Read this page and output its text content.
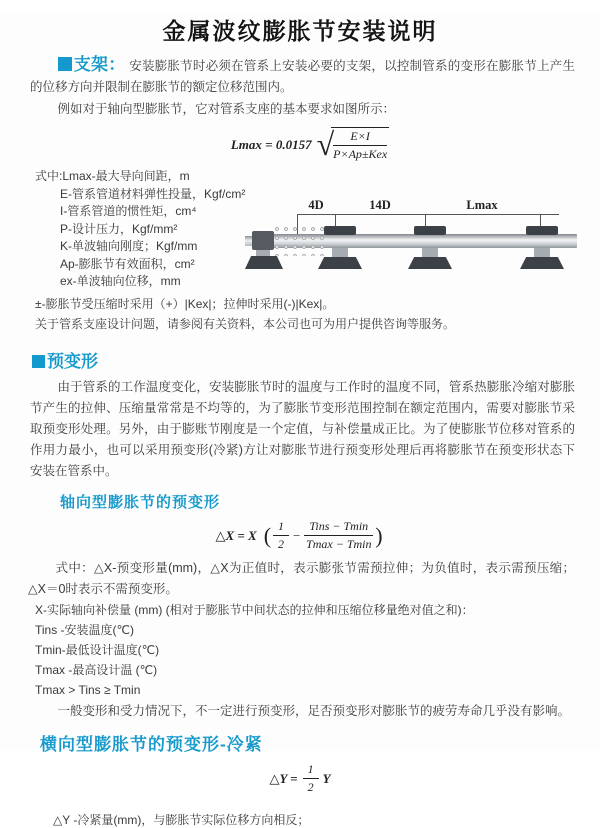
金属波纹膨胀节安装说明
支架： 安装膨胀节时必须在管系上安装必要的支架，以控制管系的变形在膨胀节上产生的位移方向并限制在膨胀节的额定位移范围内。
例如对于轴向型膨胀节，它对管系支座的基本要求如图所示：
Lmax = 0.0157 √ $\frac{E\times I}{\text{P×Ap±Kex}}$
式中:Lmax-最大导向间距，m
E-管系管道材料弹性投量，Kgf/cm²
I-管系管道的惯性矩，cm⁴
P-设计压力，Kgf/mm²
K-单波轴向刚度；Kgf/mm
Ap-膨胀节有效面积，cm²
ex-单波轴向位移，mm
4D	14D	Lmax
±-膨胀节受压缩时采用（+）|Kex|；拉伸时采用(-)|Kex|。
关于管系支座设计问题，请参阅有关资料，本公司也可为用户提供咨询等服务。
预变形
由于管系的工作温度变化，安装膨胀节时的温度与工作时的温度不同，管系热膨胀冷缩对膨胀节产生的拉伸、压缩量常常是不均等的，为了膨胀节变形范围控制在额定范围内，需要对膨胀节采取预变形处理。另外，由于膨账节刚度是一个定值，与补偿量成正比。为了使膨胀节位移对管系的作用力最小，也可以采用预变形(冷紧)方让对膨胀节进行预变形处理后再将膨胀节在预变形状态下安装在管系中。
轴向型膨胀节的预变形
△X = X ( $\frac{1}{2} - \frac{\text{Tins − Tmin}}{Tmax - Tmin}$ )
式中：△X-预变形量(mm)，△X为正值时，表示膨张节需预拉伸；为负值时，表示需预压缩；△X＝0时表示不需预变形。
X-实际轴向补偿量 (mm) (相对于膨胀节中间状态的拉伸和压缩位移量绝对值之和)：
Tins -安装温度(℃)
Tmin-最低设计温度(℃)
Tmax -最高设计温 (℃)
Tmax > Tins ≥ Tmin
一般变形和受力情况下，不一定进行预变形，足否预变形对膨胀节的疲劳寿命几乎没有影响。
横向型膨胀节的预变形-冷紧
△Y = $\frac{1}{2}$ Y
△Y -冷紧量(mm)，与膨胀节实际位移方向相反；
